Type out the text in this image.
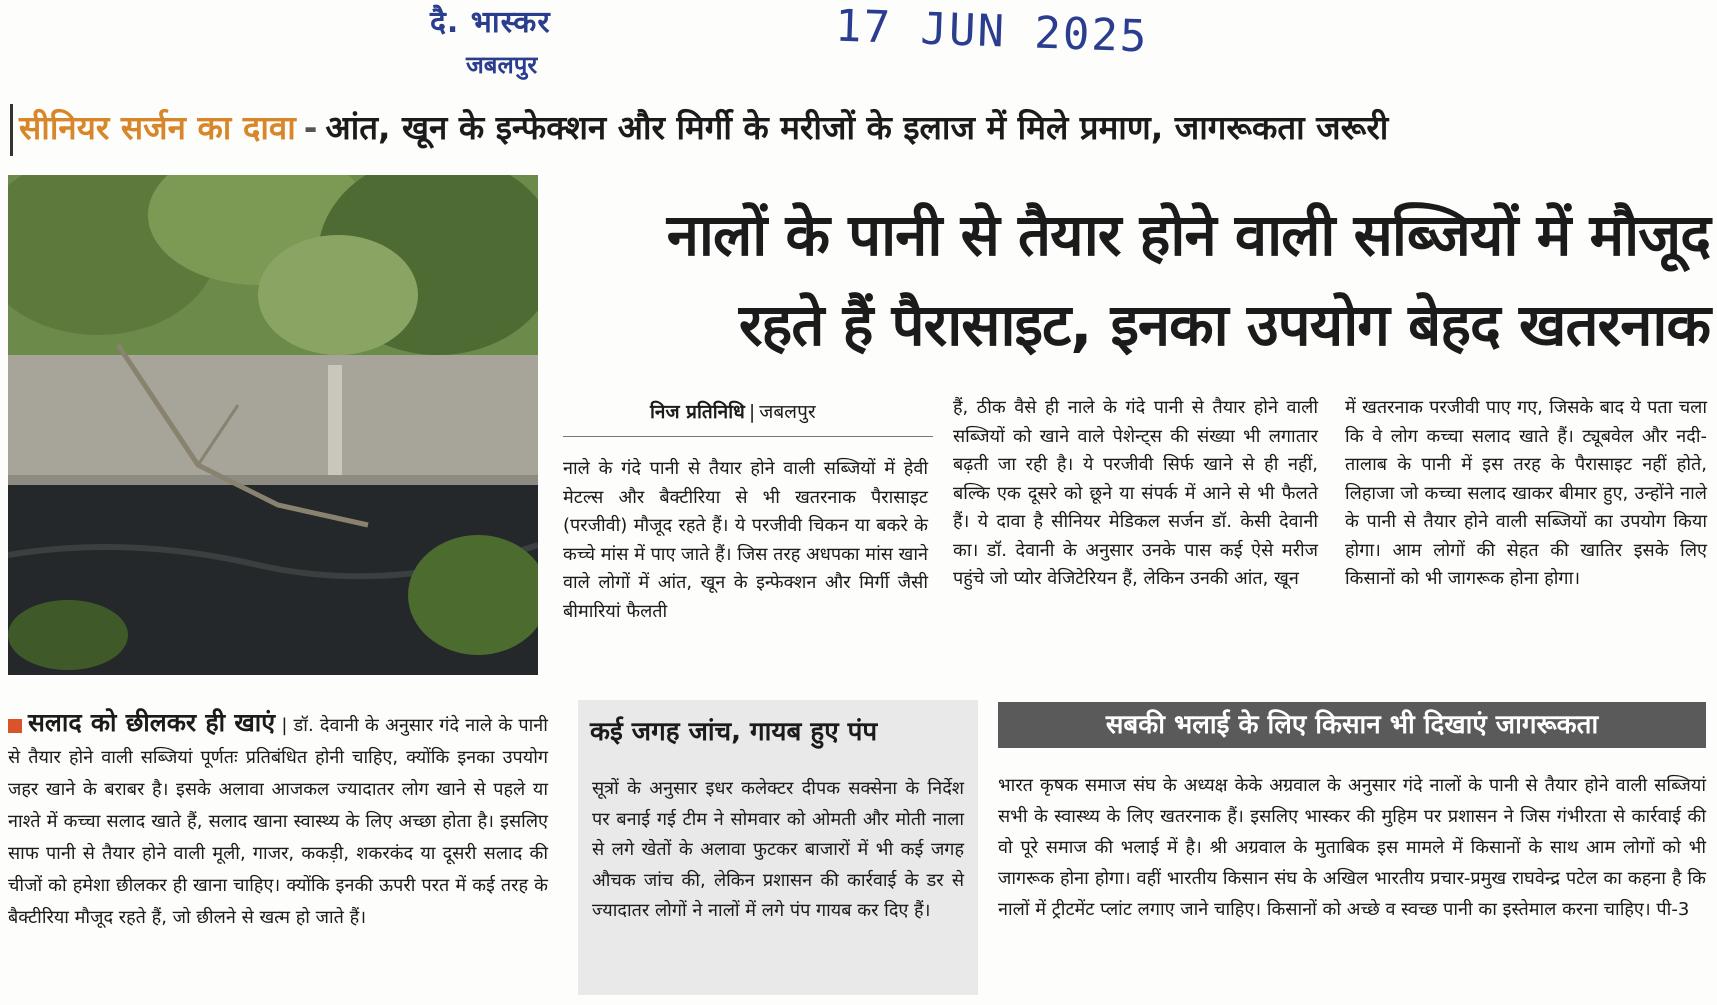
दै. भास्कर
जबलपुर
17 JUN 2025
सीनियर सर्जन का दावा - आंत, खून के इन्फेक्शन और मिर्गी के मरीजों के इलाज में मिले प्रमाण, जागरूकता जरूरी
नालों के पानी से तैयार होने वाली सब्जियों में मौजूद
रहते हैं पैरासाइट, इनका उपयोग बेहद खतरनाक
निज प्रतिनिधि | जबलपुर

नाले के गंदे पानी से तैयार होने वाली सब्जियों में हेवी मेटल्स और बैक्टीरिया से भी खतरनाक पैरासाइट (परजीवी) मौजूद रहते हैं। ये परजीवी चिकन या बकरे के कच्चे मांस में पाए जाते हैं। जिस तरह अधपका मांस खाने वाले लोगों में आंत, खून के इन्फेक्शन और मिर्गी जैसी बीमारियां फैलती

हैं, ठीक वैसे ही नाले के गंदे पानी से तैयार होने वाली सब्जियों को खाने वाले पेशेन्ट्स की संख्या भी लगातार बढ़ती जा रही है। ये परजीवी सिर्फ खाने से ही नहीं, बल्कि एक दूसरे को छूने या संपर्क में आने से भी फैलते हैं। ये दावा है सीनियर मेडिकल सर्जन डॉ. केसी देवानी का। डॉ. देवानी के अनुसार उनके पास कई ऐसे मरीज पहुंचे जो प्योर वेजिटेरियन हैं, लेकिन उनकी आंत, खून

में खतरनाक परजीवी पाए गए, जिसके बाद ये पता चला कि वे लोग कच्चा सलाद खाते हैं। ट्यूबवेल और नदी-तालाब के पानी में इस तरह के पैरासाइट नहीं होते, लिहाजा जो कच्चा सलाद खाकर बीमार हुए, उन्होंने नाले के पानी से तैयार होने वाली सब्जियों का उपयोग किया होगा। आम लोगों की सेहत की खातिर इसके लिए किसानों को भी जागरूक होना होगा।

सलाद को छीलकर ही खाएं | डॉ. देवानी के अनुसार गंदे नाले के पानी से तैयार होने वाली सब्जियां पूर्णतः प्रतिबंधित होनी चाहिए, क्योंकि इनका उपयोग जहर खाने के बराबर है। इसके अलावा आजकल ज्यादातर लोग खाने से पहले या नाश्ते में कच्चा सलाद खाते हैं, सलाद खाना स्वास्थ्य के लिए अच्छा होता है। इसलिए साफ पानी से तैयार होने वाली मूली, गाजर, ककड़ी, शकरकंद या दूसरी सलाद की चीजों को हमेशा छीलकर ही खाना चाहिए। क्योंकि इनकी ऊपरी परत में कई तरह के बैक्टीरिया मौजूद रहते हैं, जो छीलने से खत्म हो जाते हैं।

कई जगह जांच, गायब हुए पंप
सूत्रों के अनुसार इधर कलेक्टर दीपक सक्सेना के निर्देश पर बनाई गई टीम ने सोमवार को ओमती और मोती नाला से लगे खेतों के अलावा फुटकर बाजारों में भी कई जगह औचक जांच की, लेकिन प्रशासन की कार्रवाई के डर से ज्यादातर लोगों ने नालों में लगे पंप गायब कर दिए हैं।
सबकी भलाई के लिए किसान भी दिखाएं जागरूकता
भारत कृषक समाज संघ के अध्यक्ष केके अग्रवाल के अनुसार गंदे नालों के पानी से तैयार होने वाली सब्जियां सभी के स्वास्थ्य के लिए खतरनाक हैं। इसलिए भास्कर की मुहिम पर प्रशासन ने जिस गंभीरता से कार्रवाई की वो पूरे समाज की भलाई में है। श्री अग्रवाल के मुताबिक इस मामले में किसानों के साथ आम लोगों को भी जागरूक होना होगा। वहीं भारतीय किसान संघ के अखिल भारतीय प्रचार-प्रमुख राघवेन्द्र पटेल का कहना है कि नालों में ट्रीटमेंट प्लांट लगाए जाने चाहिए। किसानों को अच्छे व स्वच्छ पानी का इस्तेमाल करना चाहिए। पी-3
